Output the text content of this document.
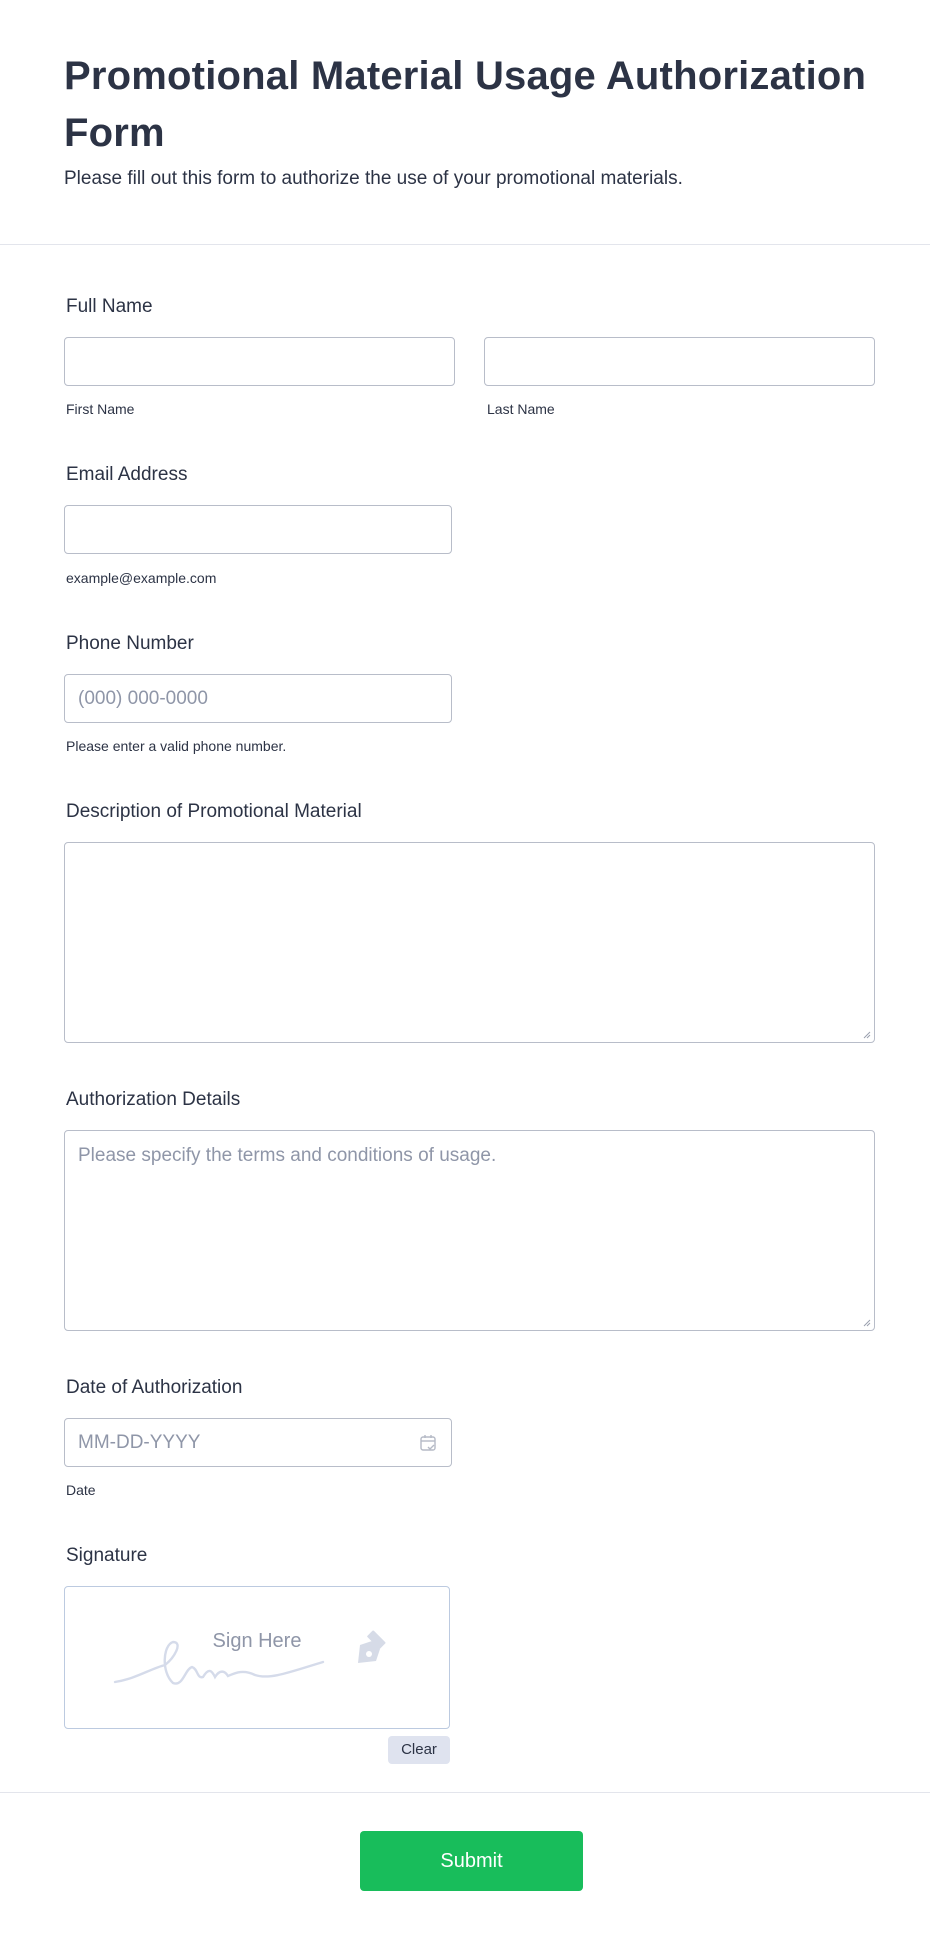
Promotional Material Usage Authorization Form

Please fill out this form to authorize the use of your promotional materials.

Full Name
First Name	Last Name
Email Address
example@example.com
Phone Number
(000) 000-0000
Please enter a valid phone number.
Description of Promotional Material
Authorization Details
Please specify the terms and conditions of usage.
Date of Authorization
MM-DD-YYYY
Date
Signature
Sign Here
Clear
Submit
